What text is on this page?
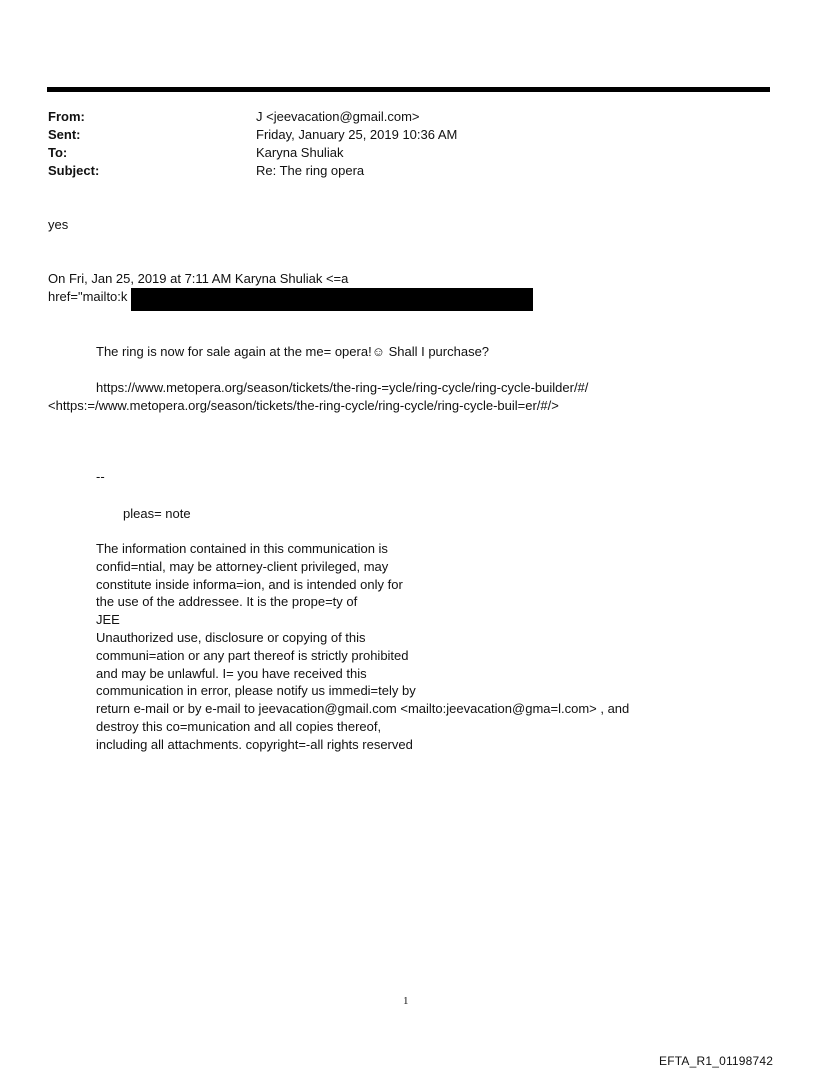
From:	J <jeevacation@gmail.com>
Sent:	Friday, January 25, 2019 10:36 AM
To:	Karyna Shuliak
Subject:	Re: The ring opera
yes
On Fri, Jan 25, 2019 at 7:11 AM Karyna Shuliak <=a
href="mailto:k
The ring is now for sale again at the me= opera!☺ Shall I purchase?
https://www.metopera.org/season/tickets/the-ring-=ycle/ring-cycle/ring-cycle-builder/#/
<https:=/www.metopera.org/season/tickets/the-ring-cycle/ring-cycle/ring-cycle-buil=er/#/>
--
pleas= note
The information contained in this communication is
confid=ntial, may be attorney-client privileged, may
constitute inside informa=ion, and is intended only for
the use of the addressee. It is the prope=ty of
JEE
Unauthorized use, disclosure or copying of this
communi=ation or any part thereof is strictly prohibited
and may be unlawful. I= you have received this
communication in error, please notify us immedi=tely by
return e-mail or by e-mail to jeevacation@gmail.com <mailto:jeevacation@gma=l.com> , and
destroy this co=munication and all copies thereof,
including all attachments. copyright=-all rights reserved
1
EFTA_R1_01198742
